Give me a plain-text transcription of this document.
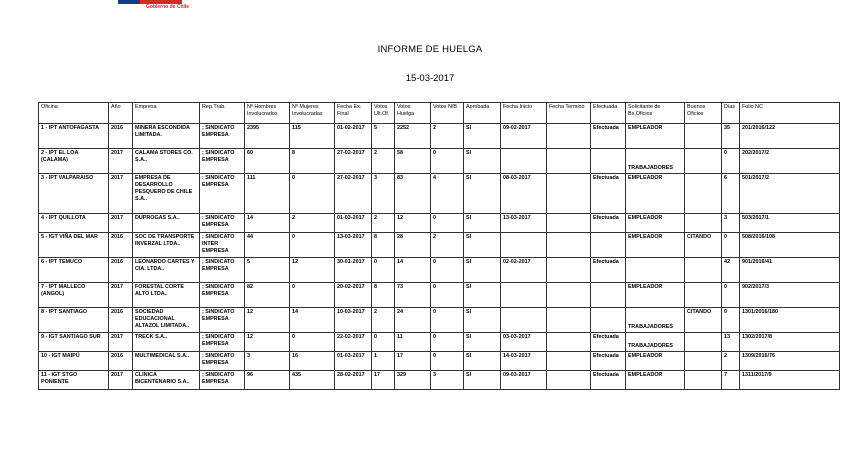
Gobierno de Chile
INFORME DE HUELGA
15-03-2017
Oficina	Año	Empresa	Rep.Trab.	Nº Hombres Involucrados	Nº Mujeres Involucradas	Fecha Ex. Final	Votos Ult.Of.	Votos Huelga	Votos N/B	Aprobada	Fecha Inicio	Fecha Termino	Efectuada	Solicitante de Bs.Oficios	Buenos Oficios	Días	Folio NC
1 - IPT ANTOFAGASTA	2016	MINERA ESCONDIDA LIMITADA.	; SINDICATO EMPRESA	2395	115	01-02-2017	5	2252	2	SI	09-02-2017		Efectuada	EMPLEADOR		35	201/2016/122
2 - IPT EL LOA (CALAMA)	2017	CALAMA STORES CO. S.A..	; SINDICATO EMPRESA	60	8	27-02-2017	2	58	0	SI				TRABAJADORES		0	202/2017/2
3 - IPT VALPARAISO	2017	EMPRESA DE DESARROLLO PESQUERO DE CHILE S.A..	; SINDICATO EMPRESA	111	0	27-02-2017	3	83	4	SI	08-03-2017		Efectuada	EMPLEADOR		6	501/2017/2
4 - IPT QUILLOTA	2017	DUPROGAS S.A..	; SINDICATO EMPRESA	14	2	01-03-2017	2	12	0	SI	13-03-2017		Efectuada	EMPLEADOR		3	503/2017/1
5 - IGT VIÑA DEL MAR	2016	SOC DE TRANSPORTE INVERZAL LTDA..	; SINDICATO INTER EMPRESA	44	0	13-03-2017	8	28	2	SI				EMPLEADOR	CITANDO	0	508/2016/108
6 - IPT TEMUCO	2016	LEONARDO CARTES Y CIA. LTDA..	; SINDICATO EMPRESA	5	12	30-01-2017	0	14	0	SI	02-02-2017		Efectuada			42	901/2016/41
7 - IPT MALLECO (ANGOL)	2017	FORESTAL CORTE ALTO LTDA..	; SINDICATO EMPRESA	82	0	20-02-2017	8	73	0	SI				EMPLEADOR		0	902/2017/3
8 - IPT SANTIAGO	2016	SOCIEDAD EDUCACIONAL ALTAZOL LIMITADA..	; SINDICATO EMPRESA	12	14	10-03-2017	2	24	0	SI				TRABAJADORES	CITANDO	0	1301/2016/180
9 - IGT SANTIAGO SUR	2017	TRECK S.A..	; SINDICATO EMPRESA	12	0	22-02-2017	0	11	0	SI	03-03-2017		Efectuada	TRABAJADORES		13	1302/2017/8
10 - IGT MAIPÚ	2016	MULTIMEDICAL S.A..	; SINDICATO EMPRESA	3	16	01-03-2017	1	17	0	SI	14-03-2017		Efectuada	EMPLEADOR		2	1309/2016/76
11 - IGT STGO PONIENTE	2017	CLINICA BICENTENARIO S.A..	; SINDICATO EMPRESA	96	435	28-02-2017	17	329	3	SI	09-03-2017		Efectuada	EMPLEADOR		7	1311/2017/9
